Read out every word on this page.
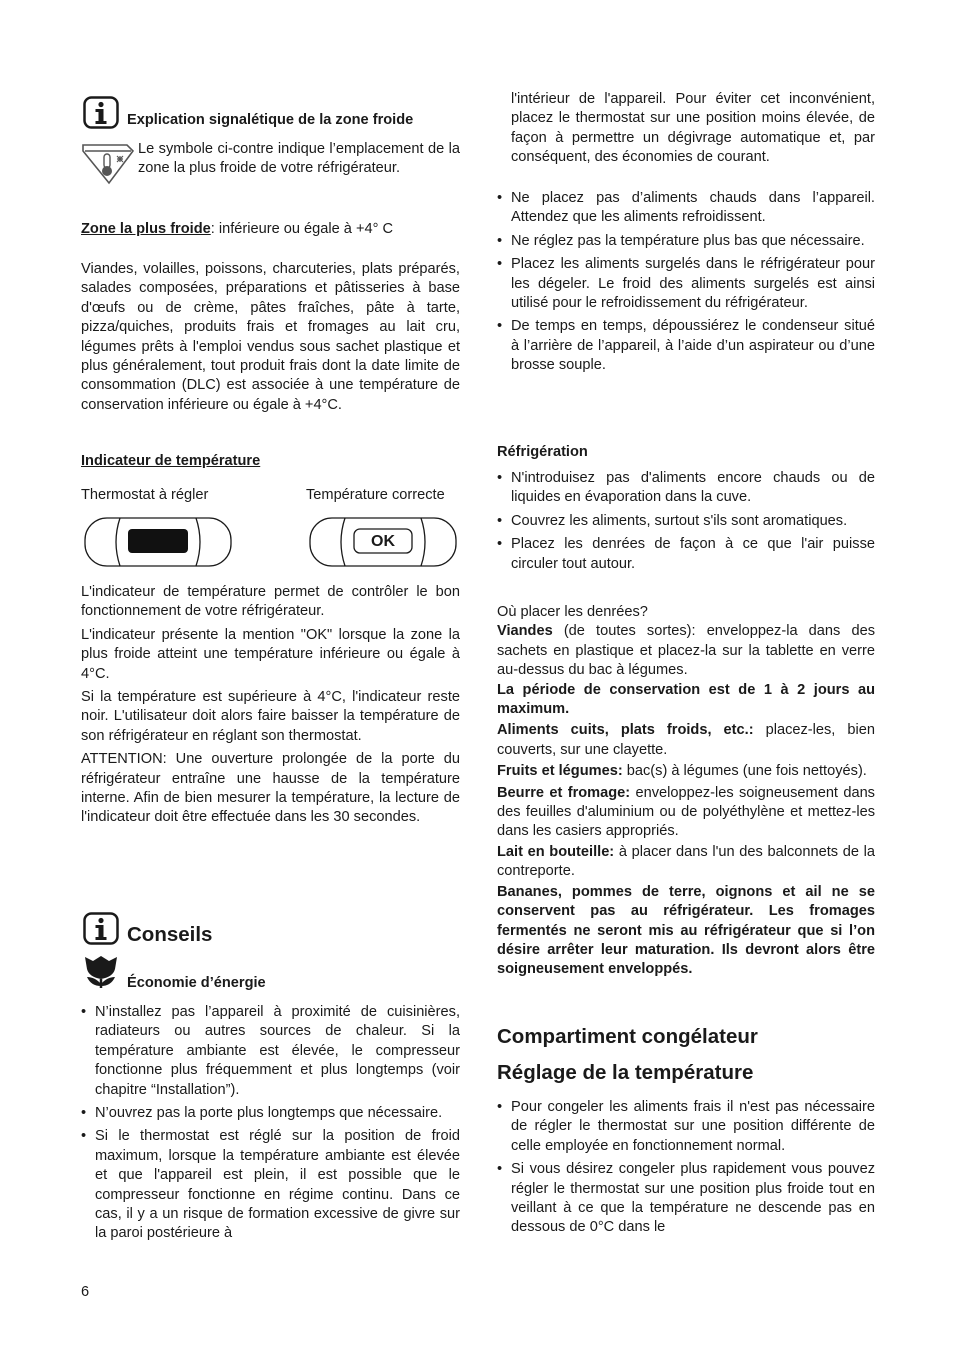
Explication signalétique de la zone froide

Le symbole ci-contre indique l’emplacement de la zone la plus froide de votre réfrigérateur.

Zone la plus froide: inférieure ou égale à +4° C

Viandes, volailles, poissons, charcuteries, plats préparés, salades composées, préparations et pâtisseries à base d'œufs ou de crème, pâtes fraîches, pâte à tarte, pizza/quiches, produits frais et fromages au lait cru, légumes prêts à l'emploi vendus sous sachet plastique et plus généralement, tout produit frais dont la date limite de consommation (DLC) est associée à une température de conservation inférieure ou égale à +4°C.

Indicateur de température
Thermostat à régler	Température correcte
OK

L'indicateur de température permet de contrôler le bon fonctionnement de votre réfrigérateur.

L'indicateur présente la mention "OK" lorsque la zone la plus froide atteint une température inférieure ou égale à 4°C.

Si la température est supérieure à 4°C, l'indicateur reste noir. L'utilisateur doit alors faire baisser la température de son réfrigérateur en réglant son thermostat.

ATTENTION: Une ouverture prolongée de la porte du réfrigérateur entraîne une hausse de la température interne. Afin de bien mesurer la température, la lecture de l'indicateur doit être effectuée dans les 30 secondes.

Conseils
Économie d’énergie
• N’installez pas l’appareil à proximité de cuisinières, radiateurs ou autres sources de chaleur. Si la température ambiante est élevée, le compresseur fonctionne plus fréquemment et plus longtemps (voir chapitre “Installation”).
• N’ouvrez pas la porte plus longtemps que nécessaire.
• Si le thermostat est réglé sur la position de froid maximum, lorsque la température ambiante est élevée et que l'appareil est plein, il est possible que le compresseur fonctionne en régime continu. Dans ce cas, il y a un risque de formation excessive de givre sur la paroi postérieure à
6

l'intérieur de l'appareil. Pour éviter cet inconvénient, placez le thermostat sur une position moins élevée, de façon à permettre un dégivrage automatique et, par conséquent, des économies de courant.

• Ne placez pas d’aliments chauds dans l’appareil. Attendez que les aliments refroidissent.
• Ne réglez pas la température plus bas que nécessaire.
• Placez les aliments surgelés dans le réfrigérateur pour les dégeler. Le froid des aliments surgelés est ainsi utilisé pour le refroidissement du réfrigérateur.
• De temps en temps, dépoussiérez le condenseur situé à l’arrière de l’appareil, à l’aide d’un aspirateur ou d’une brosse souple.
Réfrigération
• N'introduisez pas d'aliments encore chauds ou de liquides en évaporation dans la cuve.
• Couvrez les aliments, surtout s'ils sont aromatiques.
• Placez les denrées de façon à ce que l'air puisse circuler tout autour.

Où placer les denrées?

Viandes (de toutes sortes): enveloppez-la dans des sachets en plastique et placez-la sur la tablette en verre au-dessus du bac à légumes.

La période de conservation est de 1 à 2 jours au maximum.

Aliments cuits, plats froids, etc.: placez-les, bien couverts, sur une clayette.

Fruits et légumes: bac(s) à légumes (une fois nettoyés).

Beurre et fromage: enveloppez-les soigneusement dans des feuilles d'aluminium ou de polyéthylène et mettez-les dans les casiers appropriés.

Lait en bouteille: à placer dans l'un des balconnets de la contreporte.

Bananes, pommes de terre, oignons et ail ne se conservent pas au réfrigérateur. Les fromages fermentés ne seront mis au réfrigérateur que si l’on désire arrêter leur maturation. Ils devront alors être soigneusement enveloppés.

Compartiment congélateur
Réglage de la température
• Pour congeler les aliments frais il n'est pas nécessaire de régler le thermostat sur une position différente de celle employée en fonctionnement normal.
• Si vous désirez congeler plus rapidement vous pouvez régler le thermostat sur une position plus froide tout en veillant à ce que la température ne descende pas en dessous de 0°C dans le
